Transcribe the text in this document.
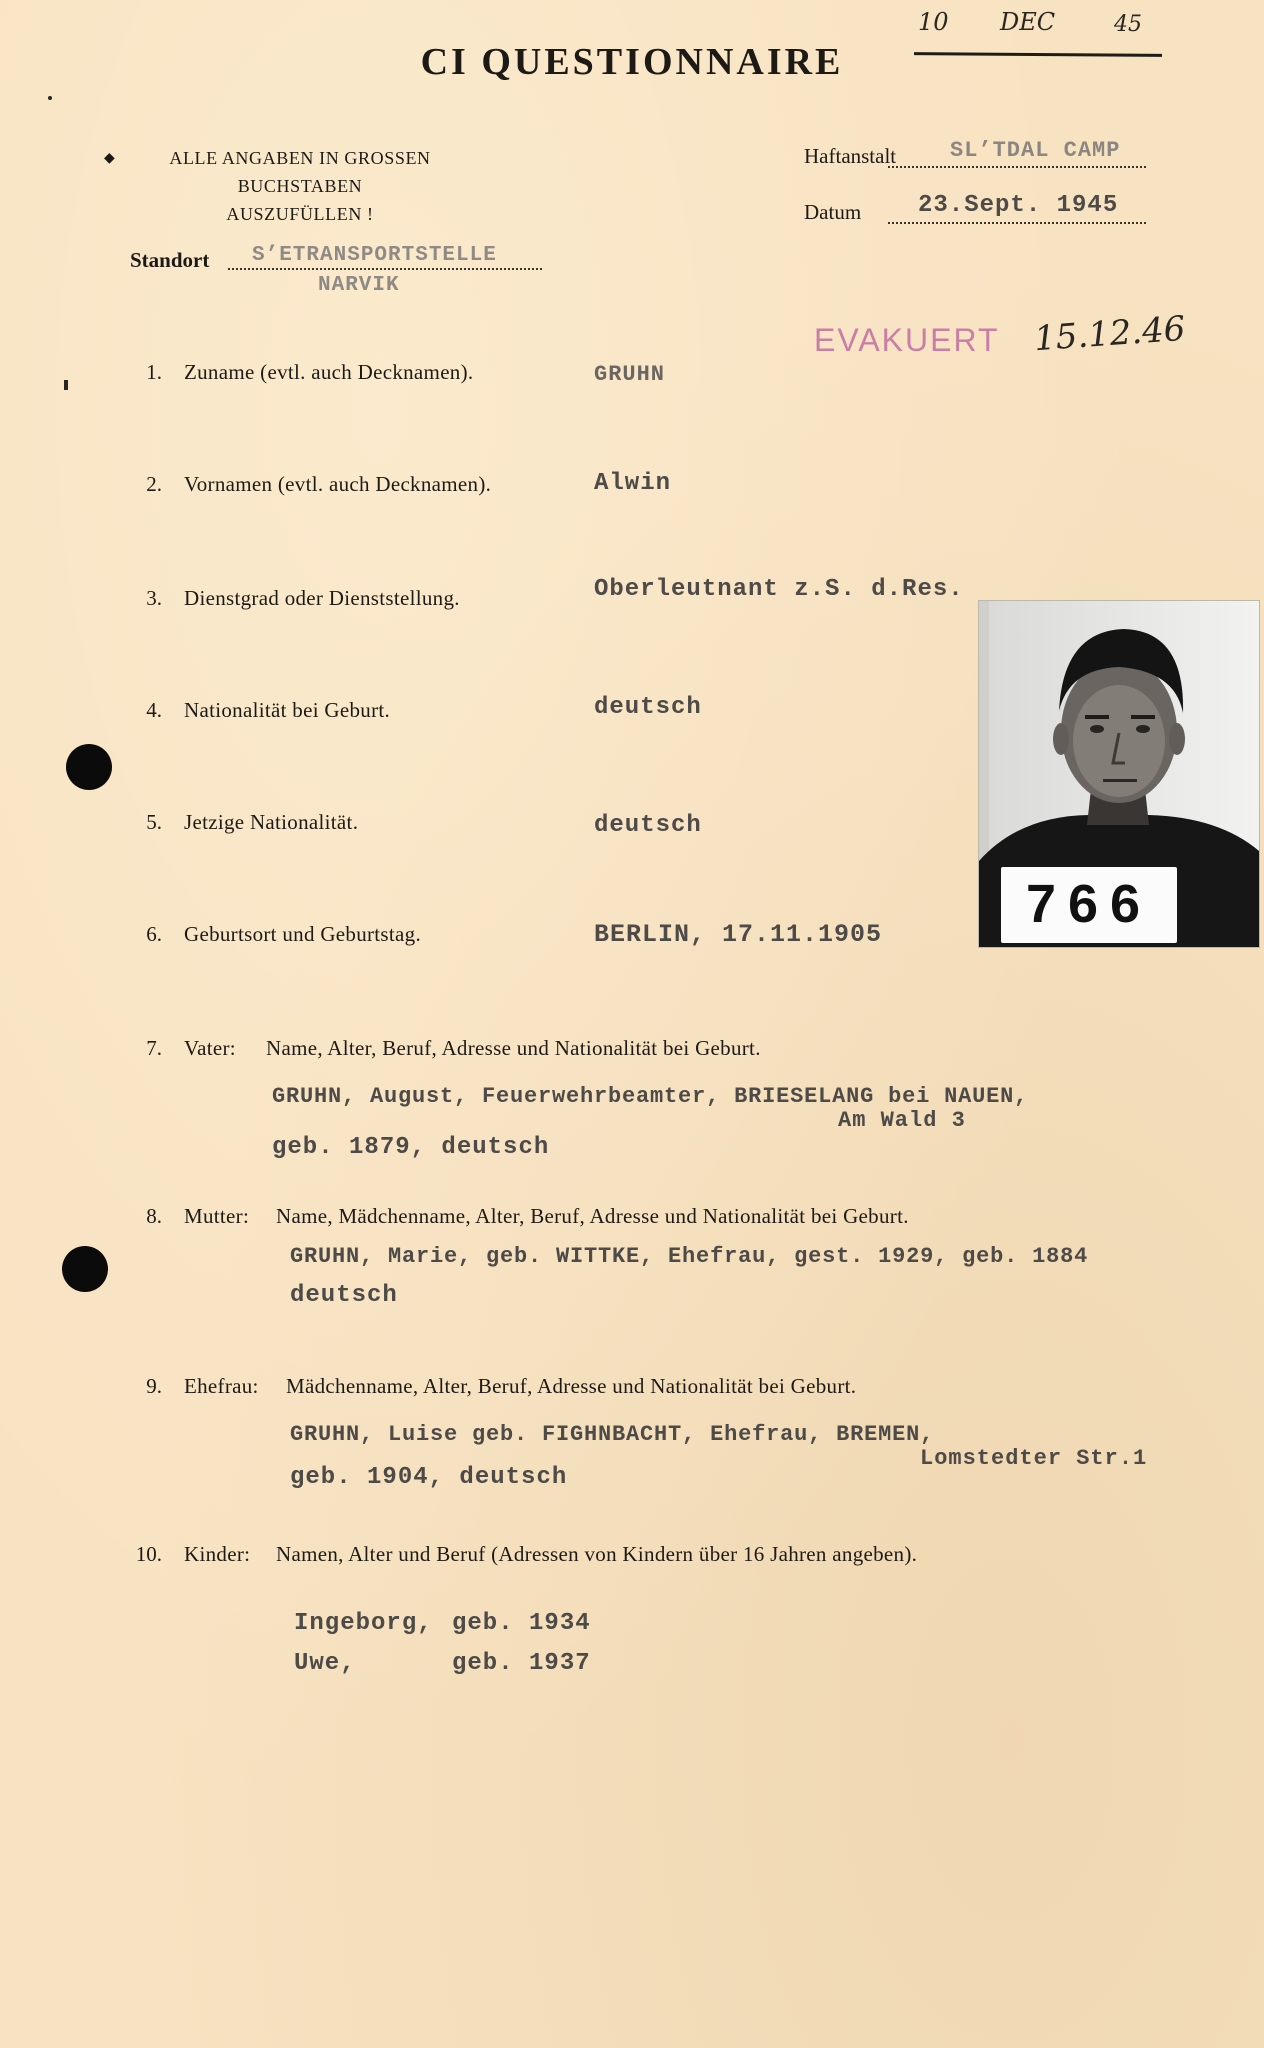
CI QUESTIONNAIRE
10 DEC	45
◆	ALLE ANGABEN IN GROSSEN BUCHSTABEN
AUSZUFÜLLEN !
Haftanstalt SL’TDAL CAMP
Datum 23.Sept. 1945
Standort S’ETRANSPORTSTELLE
NARVIK
EVAKUERT 15.12.46
1. Zuname (evtl. auch Decknamen).	GRUHN
2. Vornamen (evtl. auch Decknamen).	Alwin
3. Dienstgrad oder Dienststellung.	Oberleutnant z.S. d.Res.
4. Nationalität bei Geburt.	deutsch
5. Jetzige Nationalität.	deutsch
6. Geburtsort und Geburtstag.	BERLIN, 17.11.1905
766
7. Vater: Name, Alter, Beruf, Adresse und Nationalität bei Geburt.
GRUHN, August, Feuerwehrbeamter, BRIESELANG bei NAUEN,
Am Wald 3
geb. 1879, deutsch
8. Mutter: Name, Mädchenname, Alter, Beruf, Adresse und Nationalität bei Geburt.
GRUHN, Marie, geb. WITTKE, Ehefrau, gest. 1929, geb. 1884
deutsch
9. Ehefrau: Mädchenname, Alter, Beruf, Adresse und Nationalität bei Geburt.
GRUHN, Luise geb. FIGHNBACHT, Ehefrau, BREMEN,
Lomstedter Str.1
geb. 1904, deutsch
10. Kinder: Namen, Alter und Beruf (Adressen von Kindern über 16 Jahren angeben).
Ingeborg, geb. 1934
Uwe,	geb. 1937
